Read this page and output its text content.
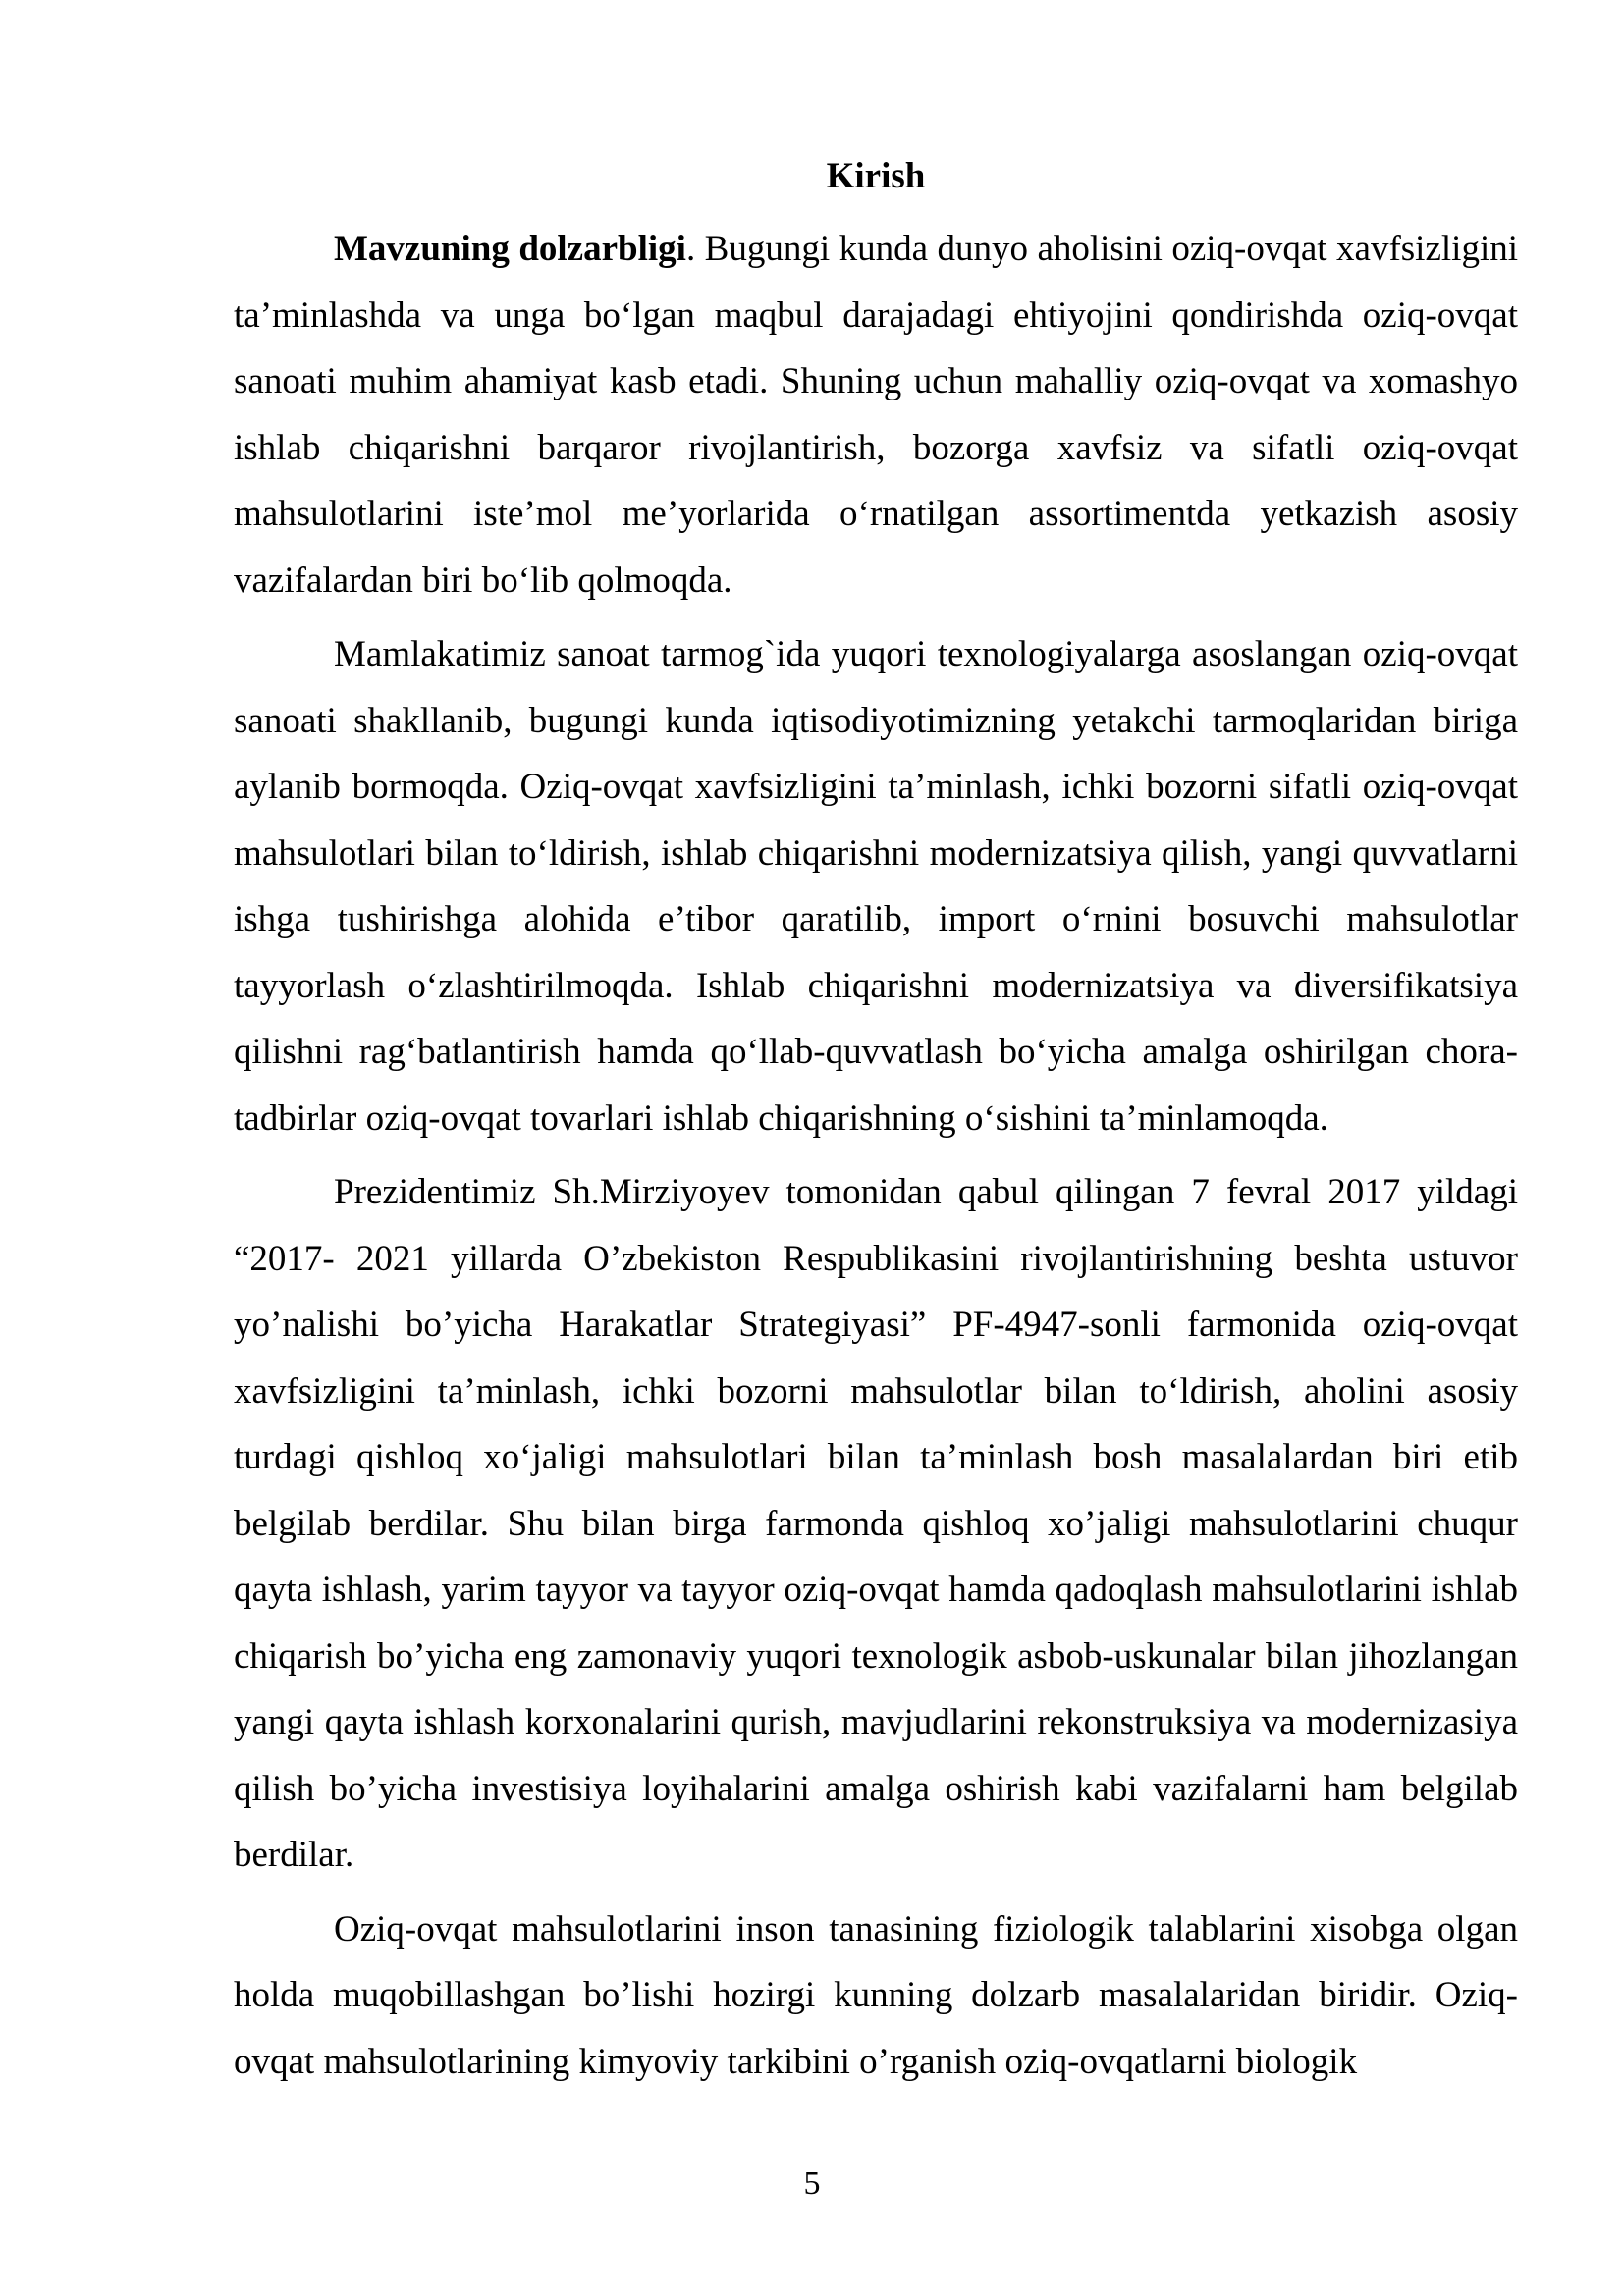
Kirish

Mavzuning dolzarbligi. Bugungi kunda dunyo aholisini oziq-ovqat xavfsizligini ta’minlashda va unga bo‘lgan maqbul darajadagi ehtiyojini qondirishda oziq-ovqat sanoati muhim ahamiyat kasb etadi. Shuning uchun mahalliy oziq-ovqat va xomashyo ishlab chiqarishni barqaror rivojlantirish, bozorga xavfsiz va sifatli oziq-ovqat mahsulotlarini iste’mol me’yorlarida o‘rnatilgan assortimentda yetkazish asosiy vazifalardan biri bo‘lib qolmoqda.

Mamlakatimiz sanoat tarmog`ida yuqori texnologiyalarga asoslangan oziq-ovqat sanoati shakllanib, bugungi kunda iqtisodiyotimizning yetakchi tarmoqlaridan biriga aylanib bormoqda. Oziq-ovqat xavfsizligini ta’minlash, ichki bozorni sifatli oziq-ovqat mahsulotlari bilan to‘ldirish, ishlab chiqarishni modernizatsiya qilish, yangi quvvatlarni ishga tushirishga alohida e’tibor qaratilib, import o‘rnini bosuvchi mahsulotlar tayyorlash o‘zlashtirilmoqda. Ishlab chiqarishni modernizatsiya va diversifikatsiya qilishni rag‘batlantirish hamda qo‘llab-quvvatlash bo‘yicha amalga oshirilgan chora-tadbirlar oziq-ovqat tovarlari ishlab chiqarishning o‘sishini ta’minlamoqda.

Prezidentimiz Sh.Mirziyoyev tomonidan qabul qilingan 7 fevral 2017 yildagi “2017- 2021 yillarda O’zbekiston Respublikasini rivojlantirishning beshta ustuvor yo’nalishi bo’yicha Harakatlar Strategiyasi” PF-4947-sonli farmonida oziq-ovqat xavfsizligini ta’minlash, ichki bozorni mahsulotlar bilan to‘ldirish, aholini asosiy turdagi qishloq xo‘jaligi mahsulotlari bilan ta’minlash bosh masalalardan biri etib belgilab berdilar. Shu bilan birga farmonda qishloq xo’jaligi mahsulotlarini chuqur qayta ishlash, yarim tayyor va tayyor oziq-ovqat hamda qadoqlash mahsulotlarini ishlab chiqarish bo’yicha eng zamonaviy yuqori texnologik asbob-uskunalar bilan jihozlangan yangi qayta ishlash korxonalarini qurish, mavjudlarini rekonstruksiya va modernizasiya qilish bo’yicha investisiya loyihalarini amalga oshirish kabi vazifalarni ham belgilab berdilar.

Oziq-ovqat mahsulotlarini inson tanasining fiziologik talablarini xisobga olgan holda muqobillashgan bo’lishi hozirgi kunning dolzarb masalalaridan biridir. Oziq-ovqat mahsulotlarining kimyoviy tarkibini o’rganish oziq-ovqatlarni biologik

5
